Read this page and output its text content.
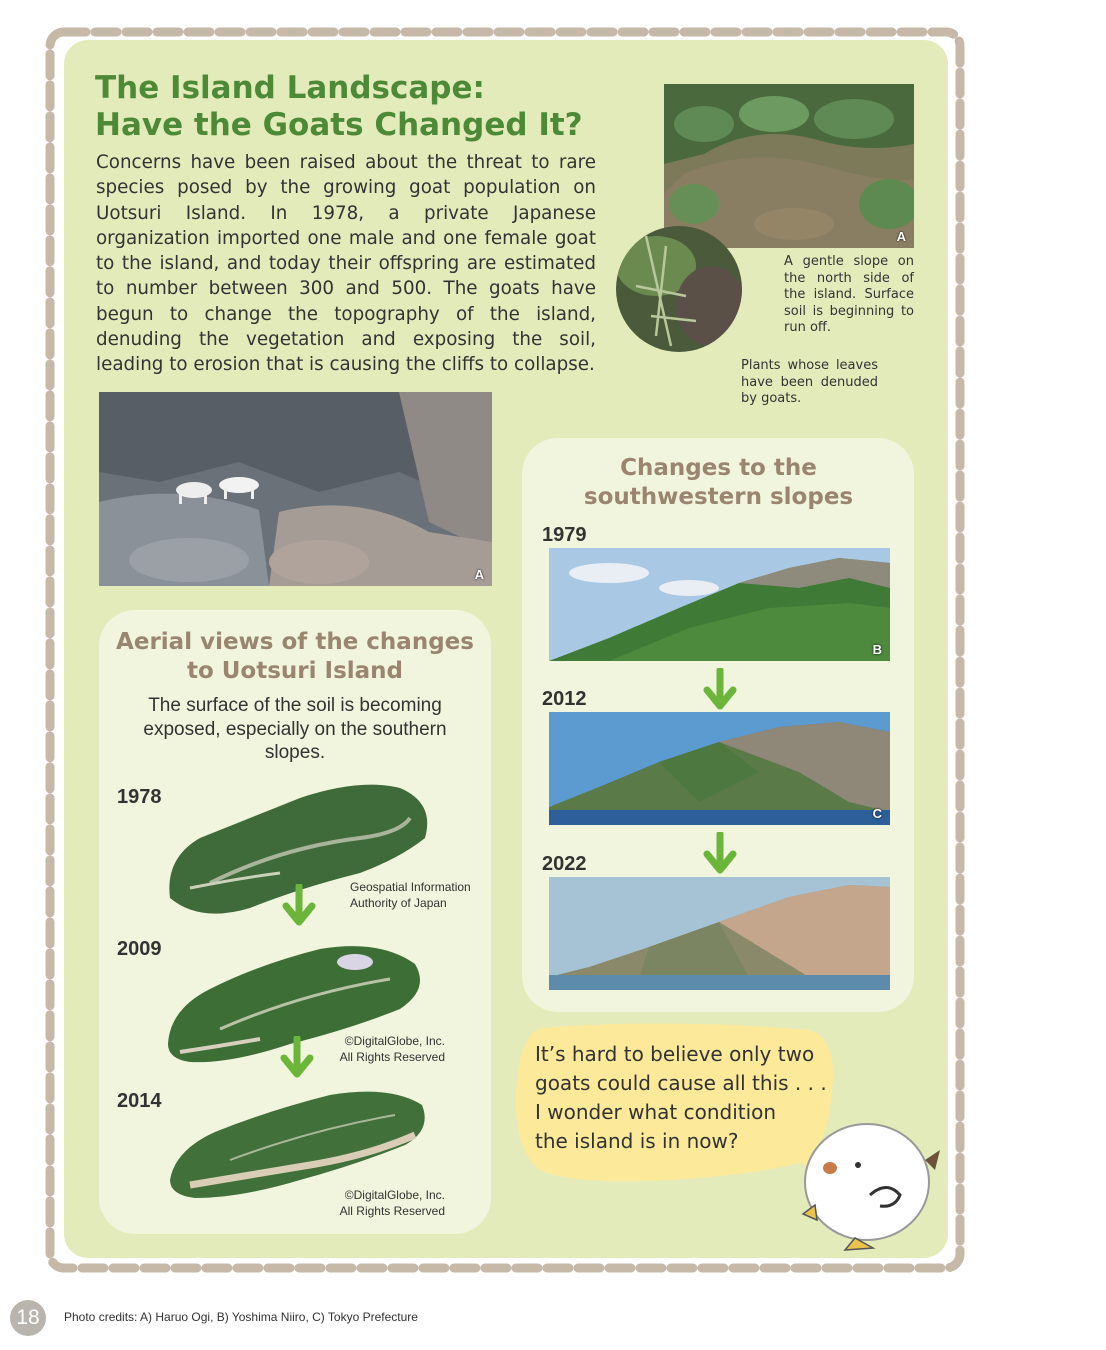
The Island Landscape:
Have the Goats Changed It?

Concerns have been raised about the threat to rare species posed by the growing goat population on Uotsuri Island. In 1978, a private Japanese organization imported one male and one female goat to the island, and today their offspring are estimated to number between 300 and 500. The goats have begun to change the topography of the island, denuding the vegetation and exposing the soil, leading to erosion that is causing the cliffs to collapse.

A
B
A gentle slope on the north side of the island. Surface soil is beginning to run off.
Plants whose leaves have been denuded by goats.
A
Aerial views of the changes to Uotsuri Island
The surface of the soil is becoming exposed, especially on the southern slopes.
1978
Geospatial Information
Authority of Japan
2009
©DigitalGlobe, Inc.
All Rights Reserved
2014
©DigitalGlobe, Inc.
All Rights Reserved
Changes to the southwestern slopes
1979
B
2012
C
2022
It’s hard to believe only two
goats could cause all this . . .
I wonder what condition
the island is in now?
18	Photo credits: A) Haruo Ogi, B) Yoshima Niiro, C) Tokyo Prefecture
